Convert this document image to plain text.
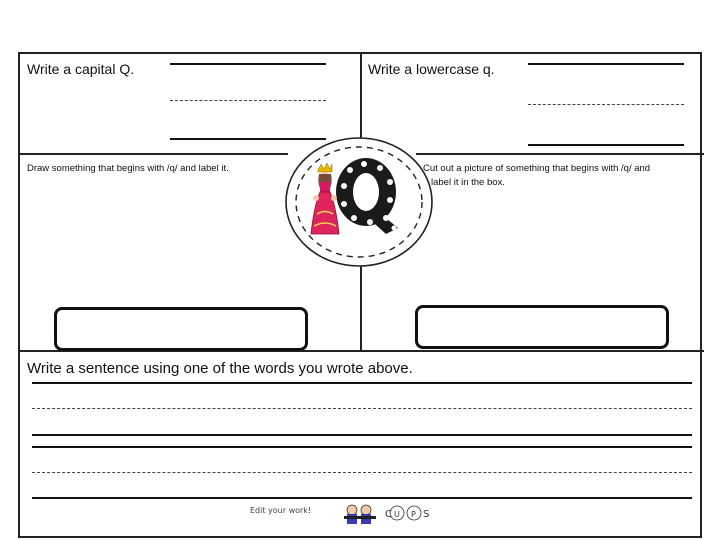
Write a capital Q.	Write a lowercase q.
Draw something that begins with /q/ and label it.	Cut out a picture of something that begins with /q/ and
label it in the box.
Write a sentence using one of the words you wrote above.
Edit your work!	C U P S
